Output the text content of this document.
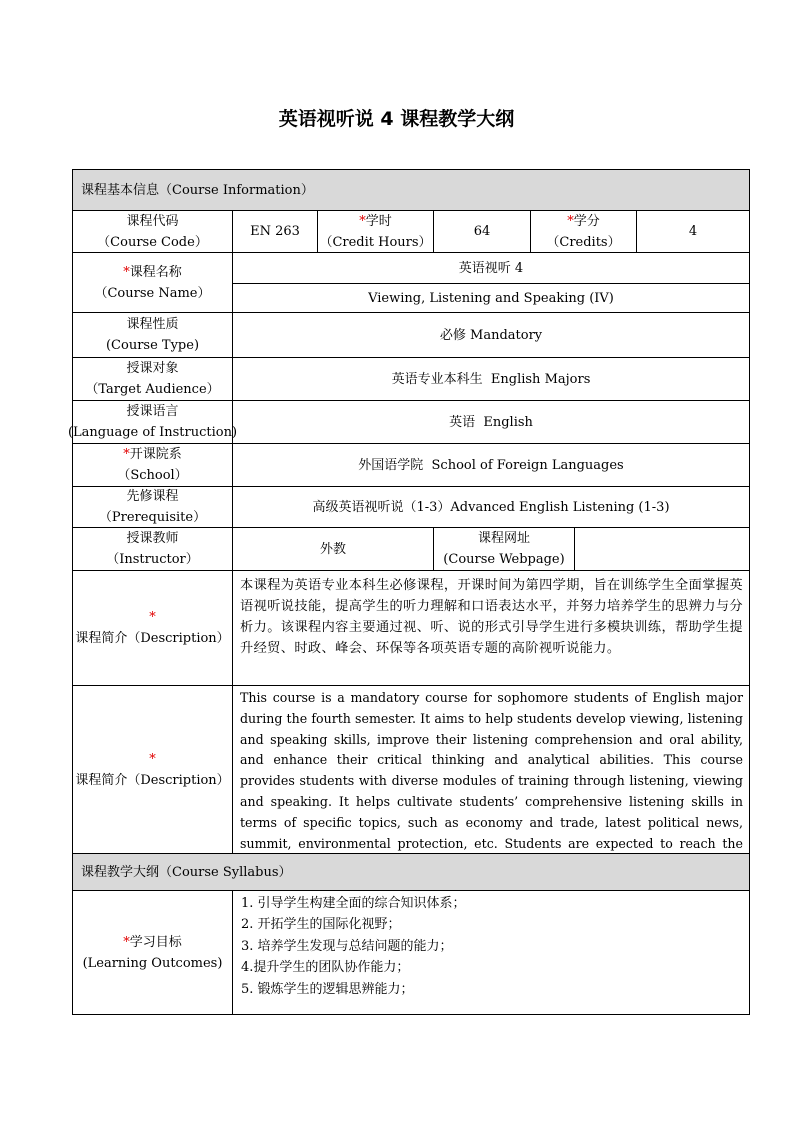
英语视听说 4 课程教学大纲
课程基本信息（Course Information）
课程代码
（Course Code）
EN 263
*学时
（Credit Hours）
64
*学分
（Credits）
4
*课程名称
（Course Name）
英语视听 4
Viewing, Listening and Speaking (IV)
课程性质
(Course Type)
必修 Mandatory
授课对象
（Target Audience）
英语专业本科生  English Majors
授课语言
(Language of Instruction)
英语  English
*开课院系
（School）
外国语学院  School of Foreign Languages
先修课程
（Prerequisite）
高级英语视听说（1-3）Advanced English Listening (1-3)
授课教师
（Instructor）
外教
课程网址
(Course Webpage)
*课程简介（Description）
本课程为英语专业本科生必修课程，开课时间为第四学期，旨在训练学生全面掌握英语视听说技能，提高学生的听力理解和口语表达水平，并努力培养学生的思辨力与分析力。该课程内容主要通过视、听、说的形式引导学生进行多模块训练，帮助学生提升经贸、时政、峰会、环保等各项英语专题的高阶视听说能力。
*课程简介（Description）
This course is a mandatory course for sophomore students of English major during the fourth semester. It aims to help students develop viewing, listening and speaking skills, improve their listening comprehension and oral ability, and enhance their critical thinking and analytical abilities. This course provides students with diverse modules of training through listening, viewing and speaking. It helps cultivate students’ comprehensive listening skills in terms of specific topics, such as economy and trade, latest political news, summit, environmental protection, etc. Students are expected to reach the
课程教学大纲（Course Syllabus）
*学习目标
(Learning Outcomes)
1. 引导学生构建全面的综合知识体系；
2. 开拓学生的国际化视野；
3. 培养学生发现与总结问题的能力；
4.提升学生的团队协作能力；
5. 锻炼学生的逻辑思辨能力；
